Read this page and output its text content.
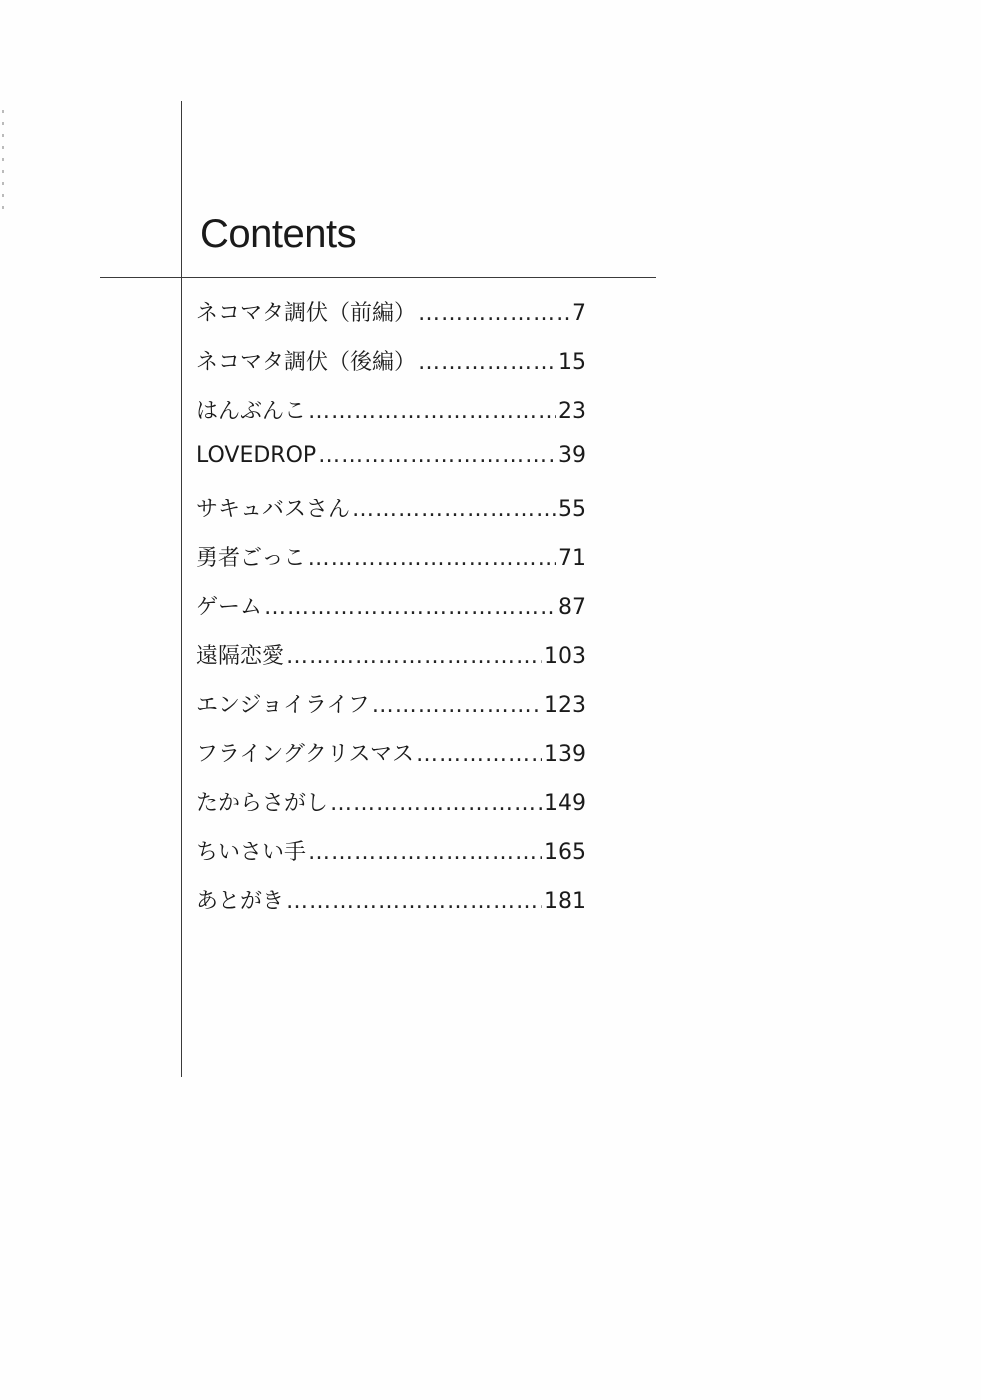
Contents
ネコマタ調伏（前編） ………………………………………………………………………………………………	7
ネコマタ調伏（後編） ………………………………………………………………………………………………	15
はんぶんこ ………………………………………………………………………………………………	23
LOVEDROP ………………………………………………………………………………………………	39
サキュバスさん ………………………………………………………………………………………………	55
勇者ごっこ ………………………………………………………………………………………………	71
ゲーム ………………………………………………………………………………………………	87
遠隔恋愛 ………………………………………………………………………………………………	103
エンジョイライフ ………………………………………………………………………………………………	123
フライングクリスマス ………………………………………………………………………………………………	139
たからさがし ………………………………………………………………………………………………	149
ちいさい手 ………………………………………………………………………………………………	165
あとがき ………………………………………………………………………………………………	181
